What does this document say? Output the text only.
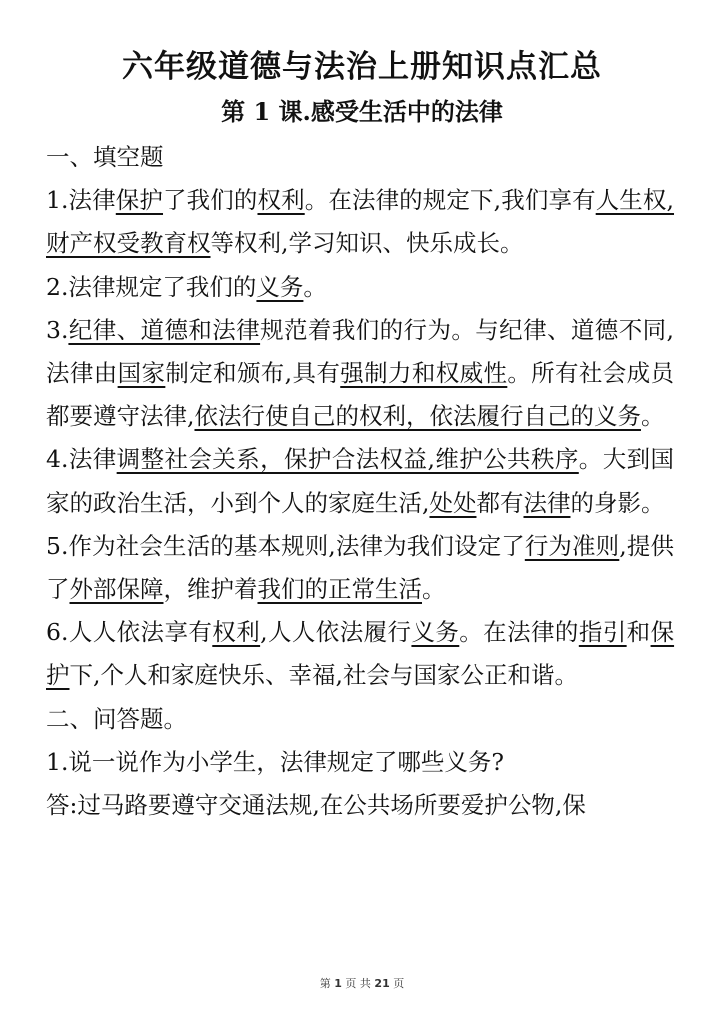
六年级道德与法治上册知识点汇总
第 1 课.感受生活中的法律

一、填空题

1.法律保护了我们的权利。在法律的规定下,我们享有人生权,财产权受教育权等权利,学习知识、快乐成长。

2.法律规定了我们的义务。

3.纪律、道德和法律规范着我们的行为。与纪律、道德不同,法律由国家制定和颁布,具有强制力和权威性。所有社会成员都要遵守法律,依法行使自己的权利，依法履行自己的义务。

4.法律调整社会关系，保护合法权益,维护公共秩序。大到国家的政治生活，小到个人的家庭生活,处处都有法律的身影。

5.作为社会生活的基本规则,法律为我们设定了行为准则,提供了外部保障，维护着我们的正常生活。

6.人人依法享有权利,人人依法履行义务。在法律的指引和保护下,个人和家庭快乐、幸福,社会与国家公正和谐。

二、问答题。

1.说一说作为小学生，法律规定了哪些义务?

答:过马路要遵守交通法规,在公共场所要爱护公物,保

第 1 页 共 21 页
